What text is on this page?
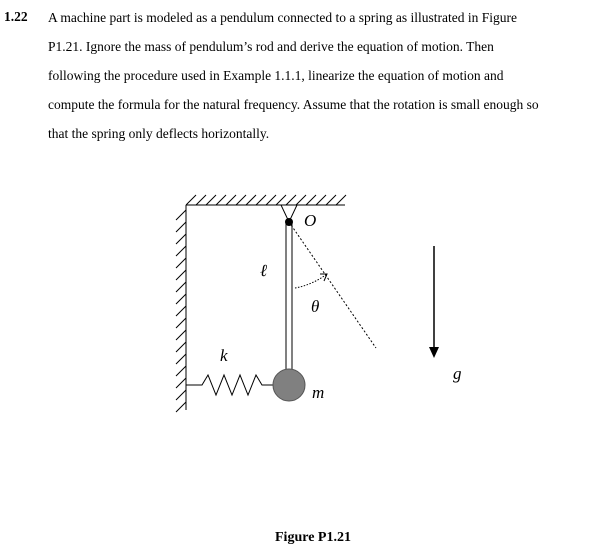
1.22 A machine part is modeled as a pendulum connected to a spring as illustrated in Figure
P1.21. Ignore the mass of pendulum’s rod and derive the equation of motion. Then
following the procedure used in Example 1.1.1, linearize the equation of motion and
compute the formula for the natural frequency. Assume that the rotation is small enough so
that the spring only deflects horizontally.
O
ℓ
θ
k
m
g
Figure P1.21
